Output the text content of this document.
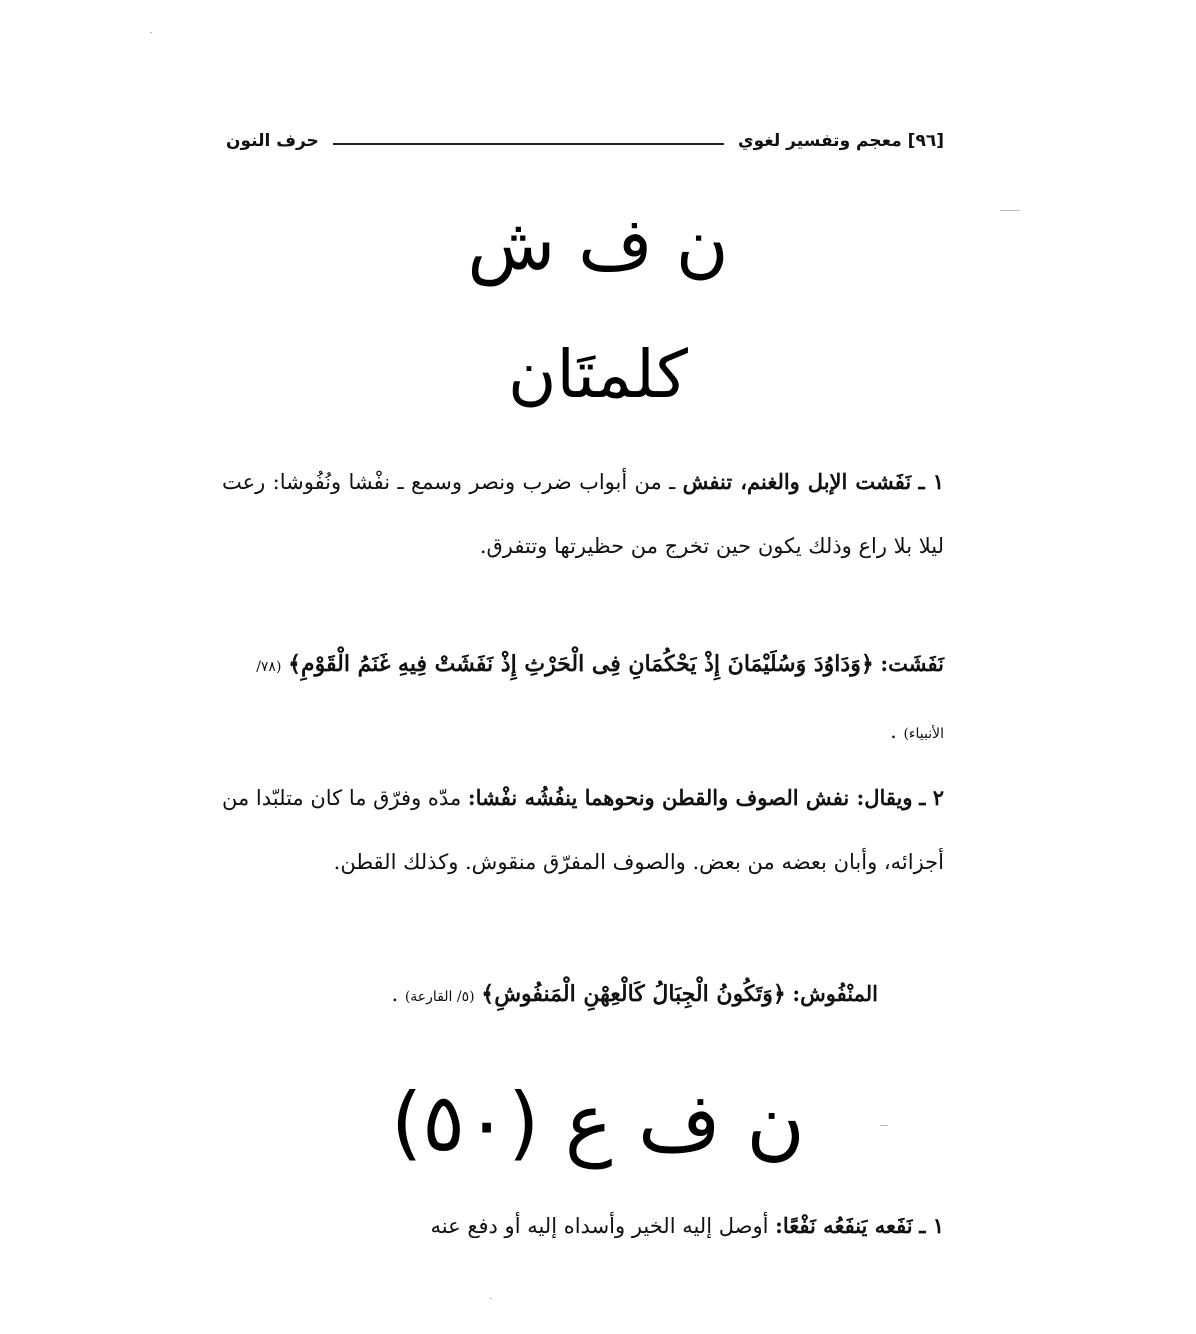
[٩٦] معجم وتفسير لغوي
حرف النون
ن ف ش
كلمتَان
١ ـ نَفَشت الإبل والغنم، تنفش ـ من أبواب ضرب ونصر وسمع ـ نفْشا ونُفُوشا: رعت ليلا بلا راع وذلك يكون حين تخرج من حظيرتها وتتفرق.
نَفَشَت: ﴿وَدَاوُدَ وَسُلَيْمَانَ إِذْ يَحْكُمَانِ فِى الْحَرْثِ إِذْ نَفَشَتْ فِيهِ غَنَمُ الْقَوْمِ﴾ (٧٨/ الأنبياء) .
٢ ـ ويقال: نفش الصوف والقطن ونحوهما ينفُشُه نفْشا: مدّه وفرّق ما كان متلبّدا من أجزائه، وأبان بعضه من بعض. والصوف المفرّق منقوش. وكذلك القطن.
المنْفُوش: ﴿وَتَكُونُ الْجِبَالُ كَالْعِهْنِ الْمَنفُوشِ﴾ (٥/ القارعة) .
ن ف ع (٥٠)
١ ـ نَفَعه يَنفَعُه نَفْعًا: أوصل إليه الخير وأسداه إليه أو دفع عنه
